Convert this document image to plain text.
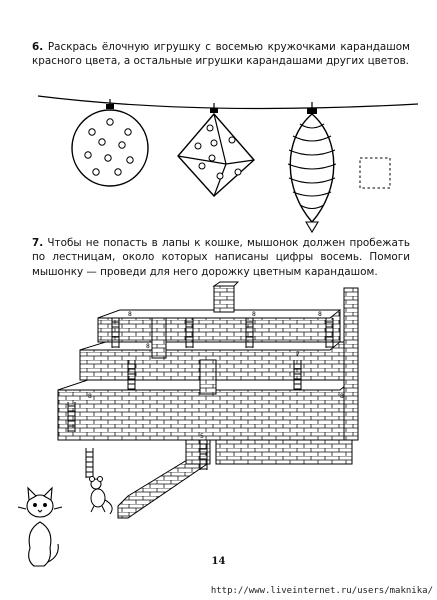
6. Раскрась ёлочную игрушку с восемью кружочками карандашом красного цвета, а остальные игрушки карандашами других цветов.

8	8	8
7
8	8
5
8

7. Чтобы не попасть в лапы к кошке, мышонок должен пробежать по лестницам, около которых написаны цифры восемь. Помоги мышонку — проведи для него дорожку цветным карандашом.

14
http://www.liveinternet.ru/users/maknika/
